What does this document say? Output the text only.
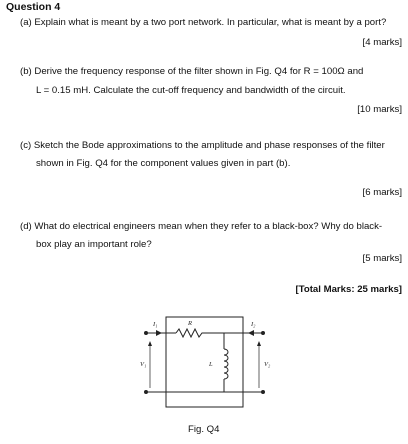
Question 4
(a) Explain what is meant by a two port network. In particular, what is meant by a port?
[4 marks]
(b) Derive the frequency response of the filter shown in Fig. Q4 for R = 100Ω and
L = 0.15 mH. Calculate the cut-off frequency and bandwidth of the circuit.
[10 marks]
(c) Sketch the Bode approximations to the amplitude and phase responses of the filter
shown in Fig. Q4 for the component values given in part (b).
[6 marks]
(d) What do electrical engineers mean when they refer to a black-box? Why do black-
box play an important role?
[5 marks]
[Total Marks: 25 marks]
I₁	I₂
R
L
V₁	V₂
Fig. Q4
